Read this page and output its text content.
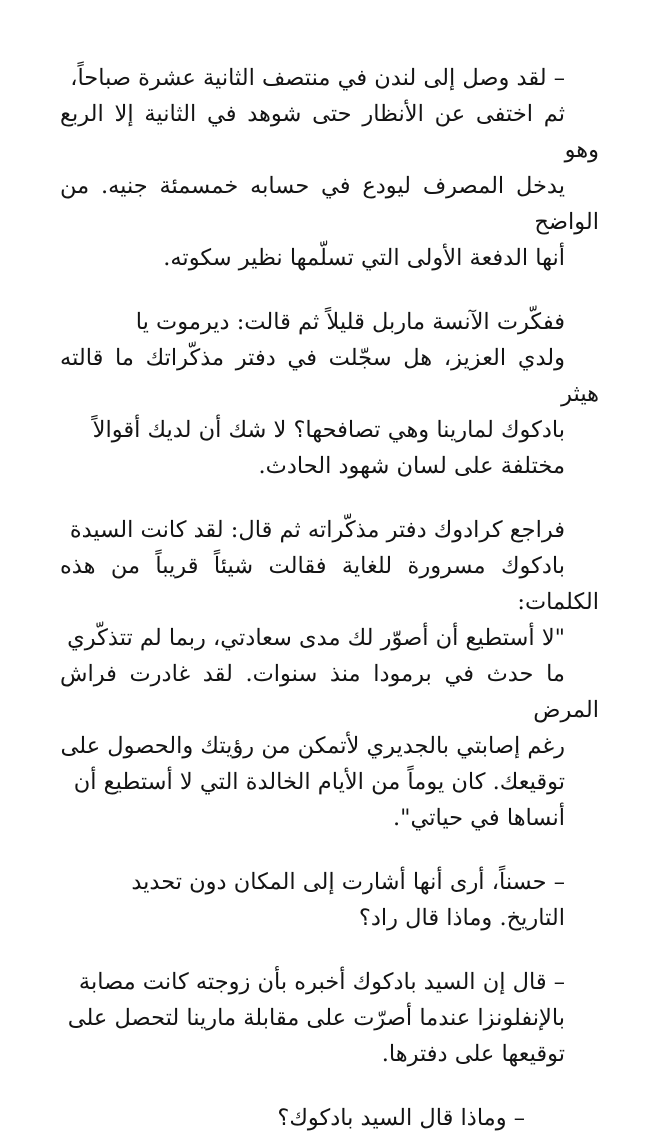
– لقد وصل إلى لندن في منتصف الثانية عشرة صباحاً،
ثم اختفى عن الأنظار حتى شوهد في الثانية إلا الربع وهو
يدخل المصرف ليودع في حسابه خمسمئة جنيه. من الواضح
أنها الدفعة الأولى التي تسلّمها نظير سكوته.

ففكّرت الآنسة ماربل قليلاً ثم قالت: ديرموت يا
ولدي العزيز، هل سجّلت في دفتر مذكّراتك ما قالته هيثر
بادكوك لمارينا وهي تصافحها؟ لا شك أن لديك أقوالاً
مختلفة على لسان شهود الحادث.

فراجع كرادوك دفتر مذكّراته ثم قال: لقد كانت السيدة
بادكوك مسرورة للغاية فقالت شيئاً قريباً من هذه الكلمات:
"لا أستطيع أن أصوّر لك مدى سعادتي، ربما لم تتذكّري
ما حدث في برمودا منذ سنوات. لقد غادرت فراش المرض
رغم إصابتي بالجديري لأتمكن من رؤيتك والحصول على
توقيعك. كان يوماً من الأيام الخالدة التي لا أستطيع أن
أنساها في حياتي".

– حسناً، أرى أنها أشارت إلى المكان دون تحديد
التاريخ. وماذا قال راد؟

– قال إن السيد بادكوك أخبره بأن زوجته كانت مصابة
بالإنفلونزا عندما أصرّت على مقابلة مارينا لتحصل على
توقيعها على دفترها.

– وماذا قال السيد بادكوك؟
